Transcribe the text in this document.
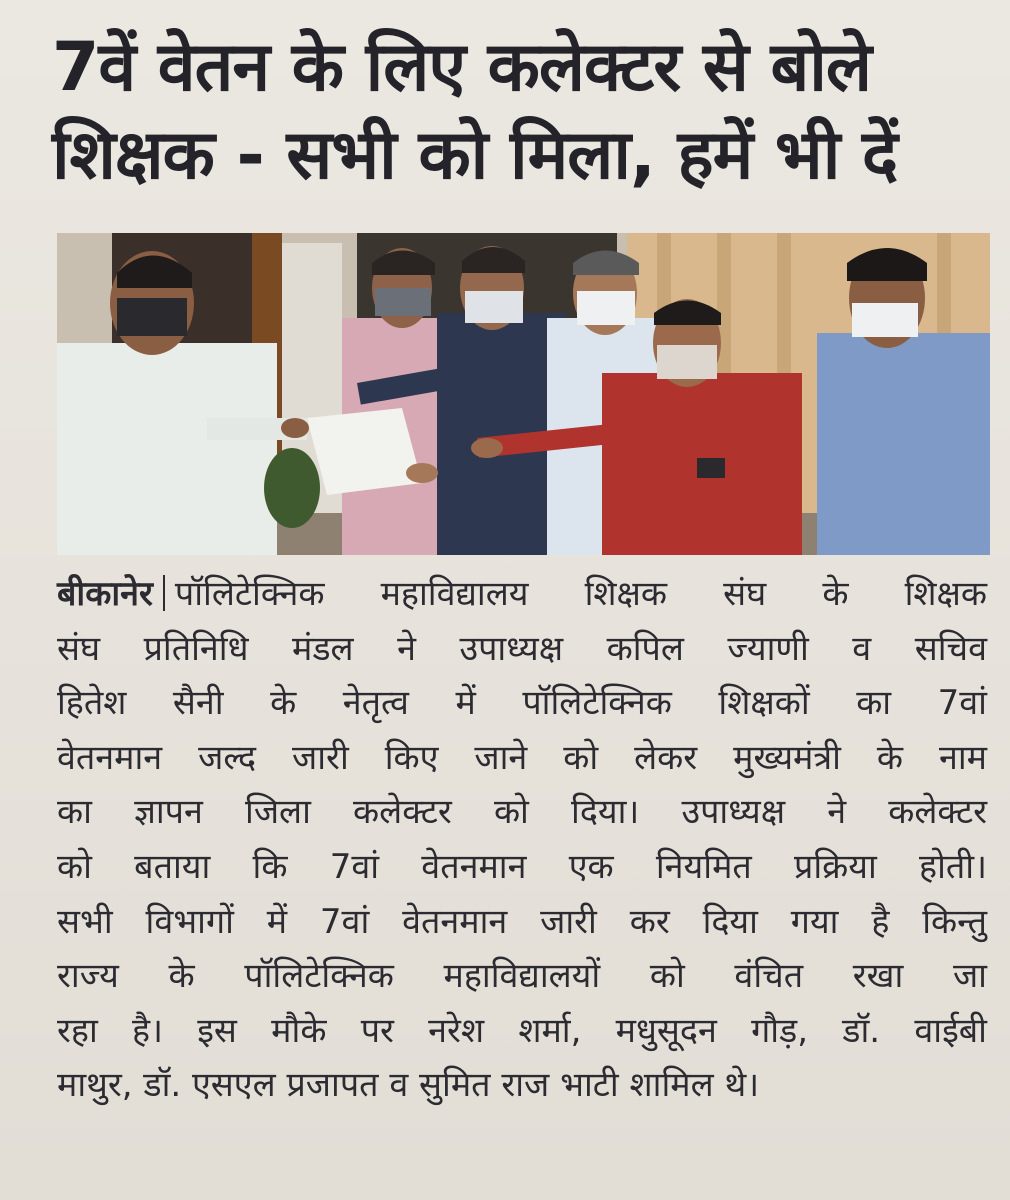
7वें वेतन के लिए कलेक्टर से बोले
शिक्षक - सभी को मिला, हमें भी दें
बीकानेर पॉलिटेक्निक महाविद्यालय शिक्षक संघ के शिक्षक
संघ प्रतिनिधि मंडल ने उपाध्यक्ष कपिल ज्याणी व सचिव
हितेश सैनी के नेतृत्व में पॉलिटेक्निक शिक्षकों का 7वां
वेतनमान जल्द जारी किए जाने को लेकर मुख्यमंत्री के नाम
का ज्ञापन जिला कलेक्टर को दिया। उपाध्यक्ष ने कलेक्टर
को बताया कि 7वां वेतनमान एक नियमित प्रक्रिया होती।
सभी विभागों में 7वां वेतनमान जारी कर दिया गया है किन्तु
राज्य के पॉलिटेक्निक महाविद्यालयों को वंचित रखा जा
रहा है। इस मौके पर नरेश शर्मा, मधुसूदन गौड़, डॉ. वाईबी
माथुर, डॉ. एसएल प्रजापत व सुमित राज भाटी शामिल थे।
